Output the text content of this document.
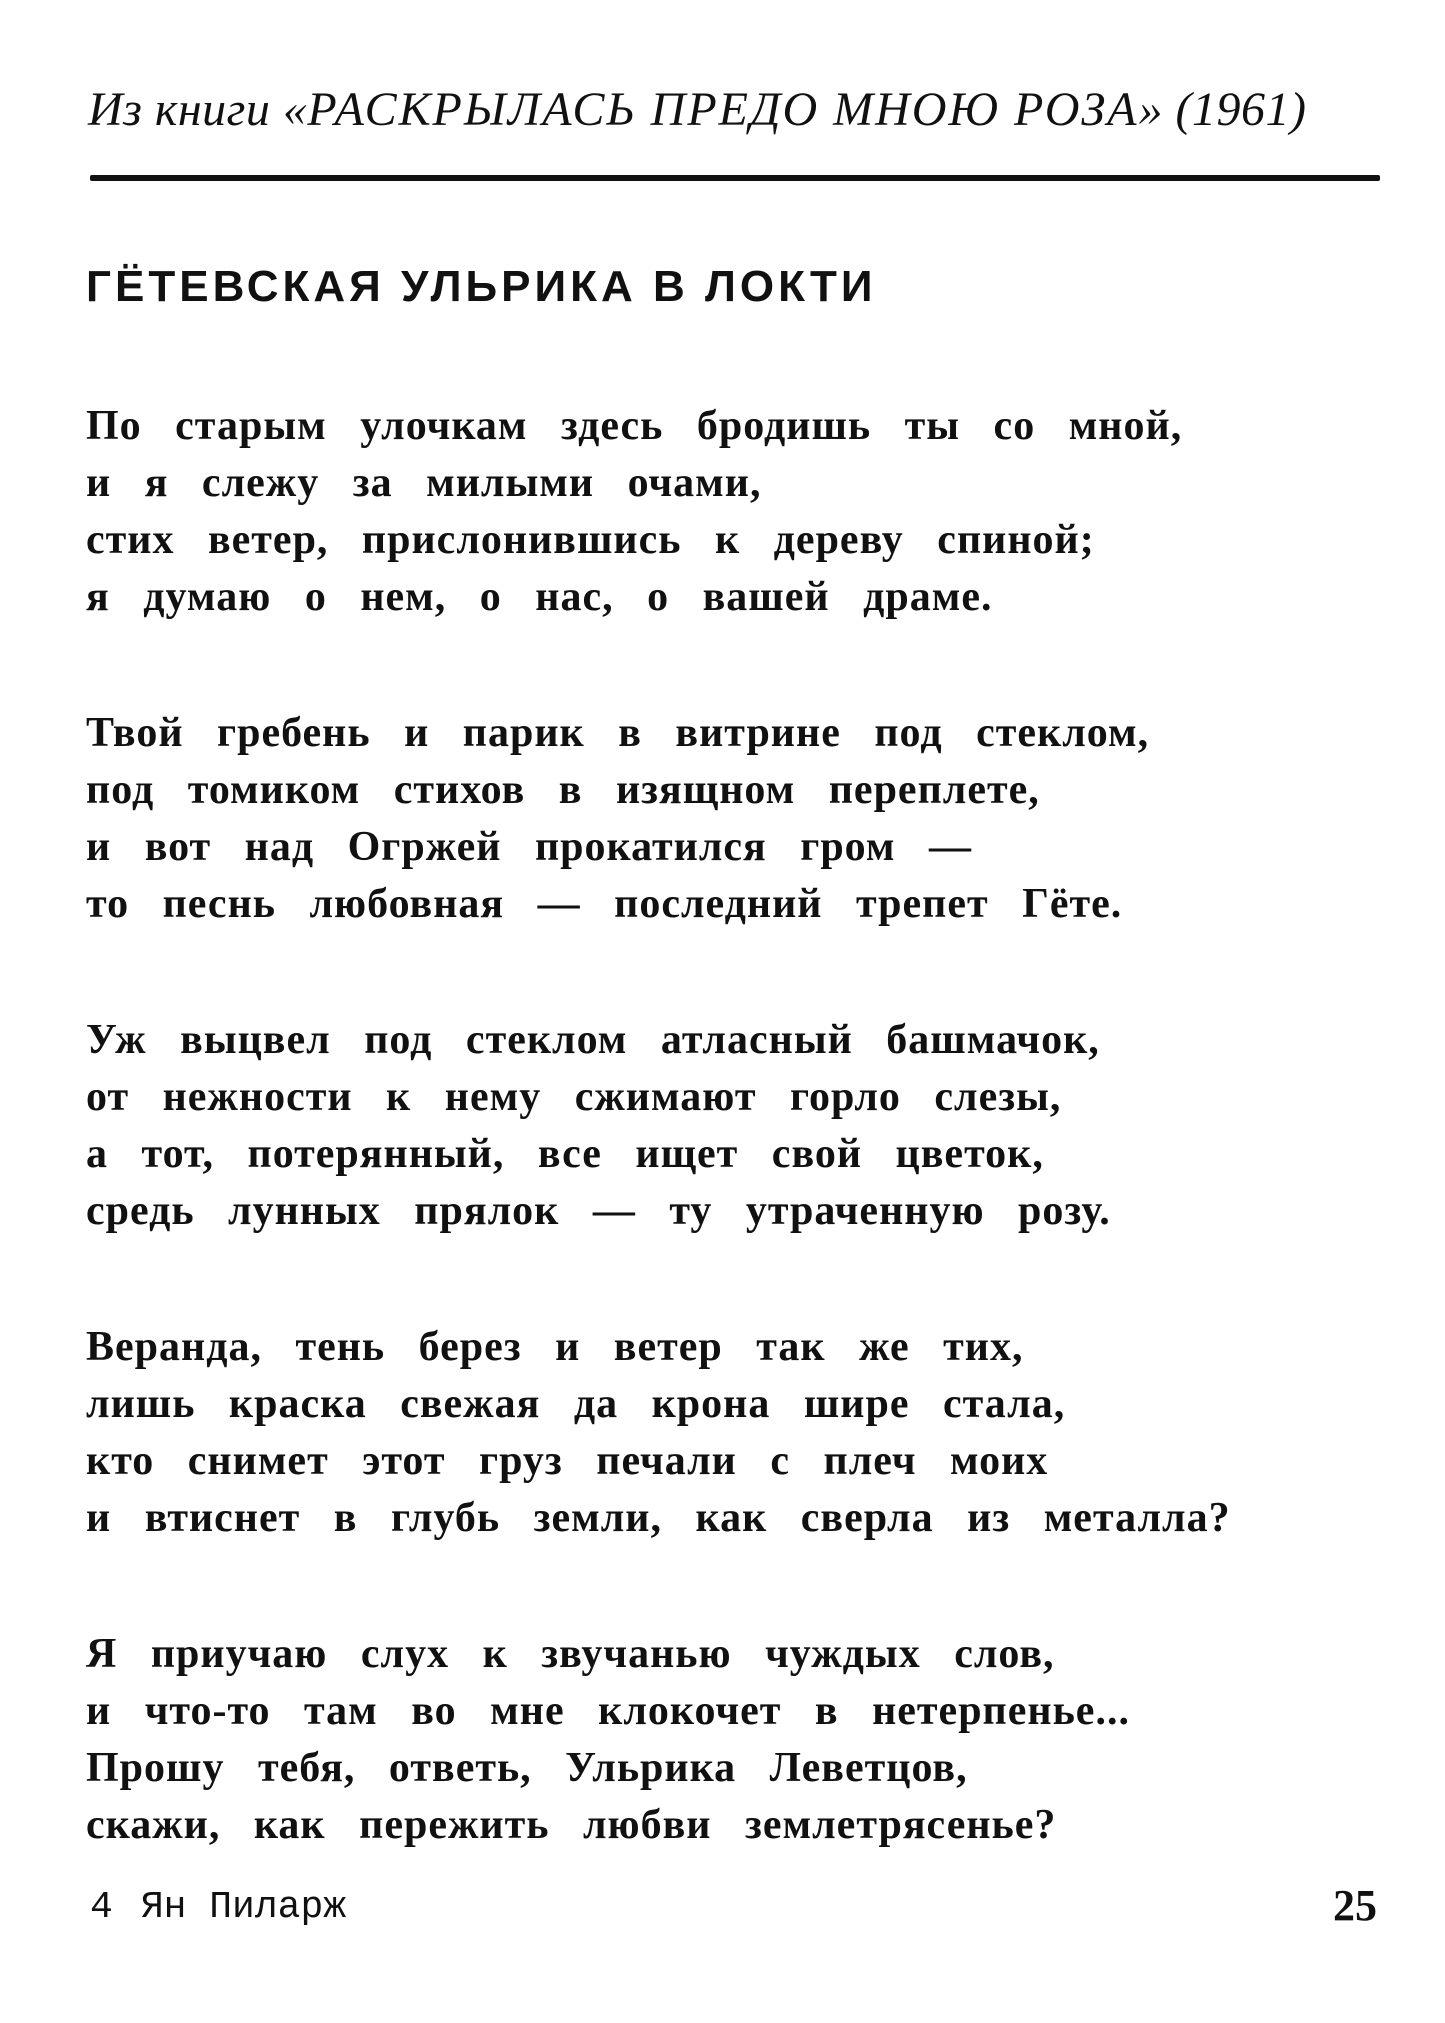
Из книги «РАСКРЫЛАСЬ ПРЕДО МНОЮ РОЗА» (1961)
ГЁТЕВСКАЯ УЛЬРИКА В ЛОКТИ
По старым улочкам здесь бродишь ты со мной,
и я слежу за милыми очами,
стих ветер, прислонившись к дереву спиной;
я думаю о нем, о нас, о вашей драме.
Твой гребень и парик в витрине под стеклом,
под томиком стихов в изящном переплете,
и вот над Огржей прокатился гром —
то песнь любовная — последний трепет Гёте.
Уж выцвел под стеклом атласный башмачок,
от нежности к нему сжимают горло слезы,
а тот, потерянный, все ищет свой цветок,
средь лунных прялок — ту утраченную розу.
Веранда, тень берез и ветер так же тих,
лишь краска свежая да крона шире стала,
кто снимет этот груз печали с плеч моих
и втиснет в глубь земли, как сверла из металла?
Я приучаю слух к звучанью чуждых слов,
и что-то там во мне клокочет в нетерпенье...
Прошу тебя, ответь, Ульрика Леветцов,
скажи, как пережить любви землетрясенье?
4 Ян Пиларж	25
